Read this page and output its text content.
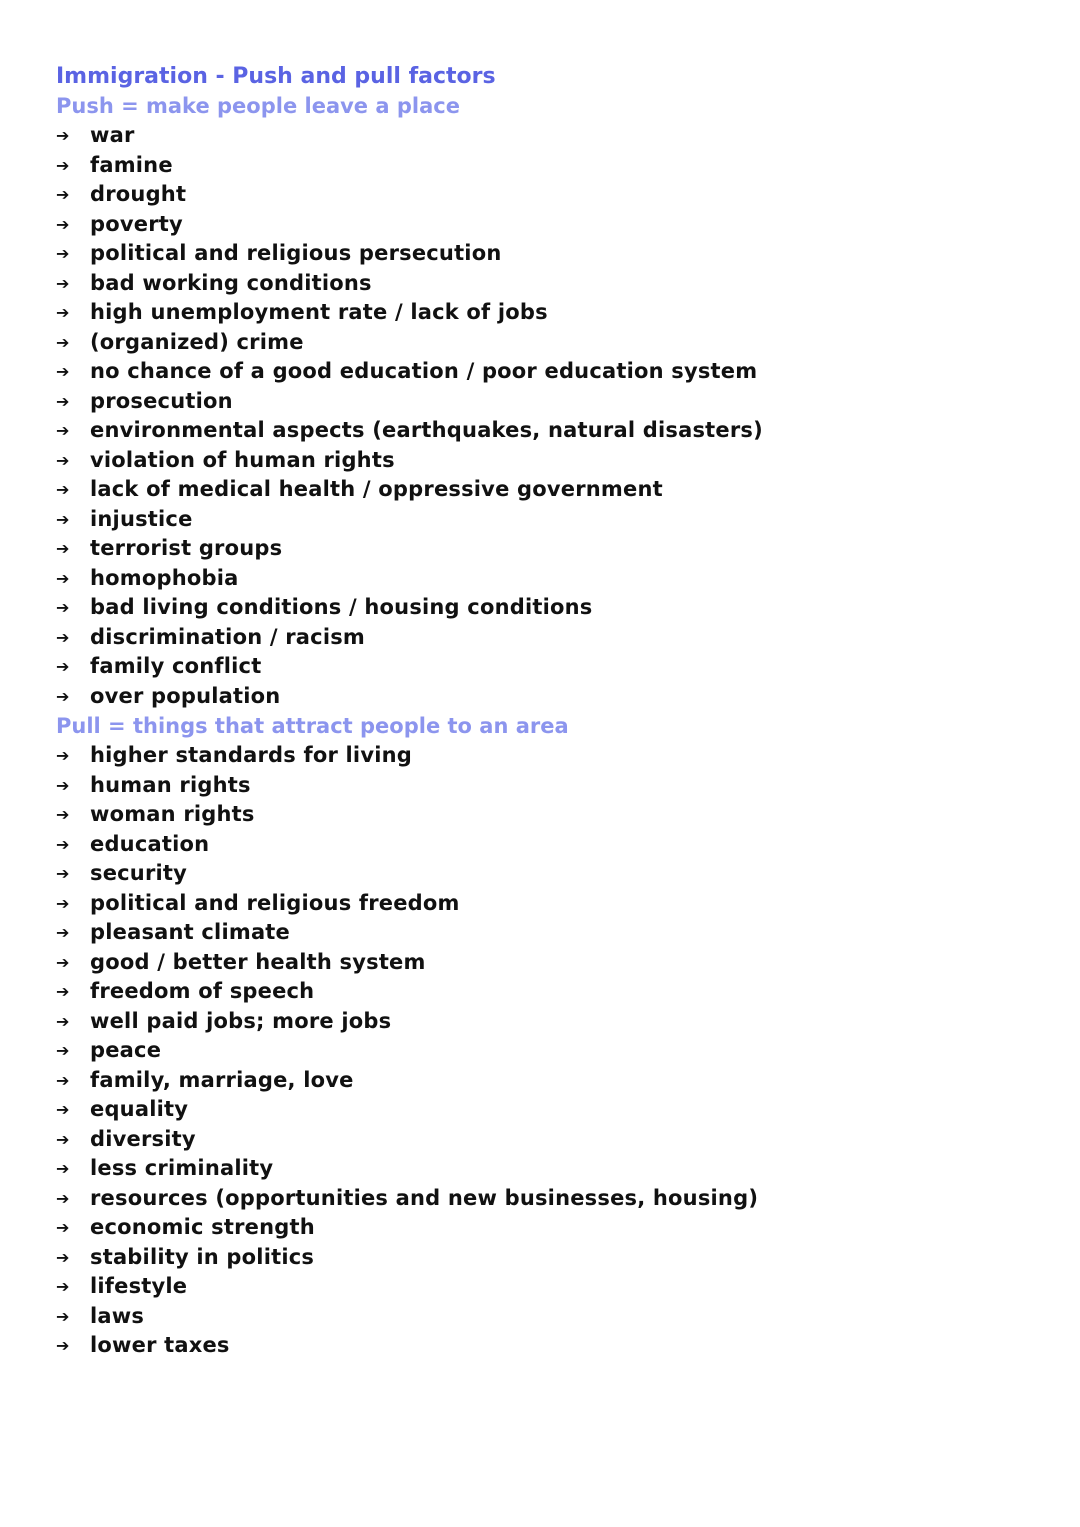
Immigration - Push and pull factors
Push = make people leave a place
➔ war
➔ famine
➔ drought
➔ poverty
➔ political and religious persecution
➔ bad working conditions
➔ high unemployment rate / lack of jobs
➔ (organized) crime
➔ no chance of a good education / poor education system
➔ prosecution
➔ environmental aspects (earthquakes, natural disasters)
➔ violation of human rights
➔ lack of medical health / oppressive government
➔ injustice
➔ terrorist groups
➔ homophobia
➔ bad living conditions / housing conditions
➔ discrimination / racism
➔ family conflict
➔ over population
Pull = things that attract people to an area
➔ higher standards for living
➔ human rights
➔ woman rights
➔ education
➔ security
➔ political and religious freedom
➔ pleasant climate
➔ good / better health system
➔ freedom of speech
➔ well paid jobs; more jobs
➔ peace
➔ family, marriage, love
➔ equality
➔ diversity
➔ less criminality
➔ resources (opportunities and new businesses, housing)
➔ economic strength
➔ stability in politics
➔ lifestyle
➔ laws
➔ lower taxes
